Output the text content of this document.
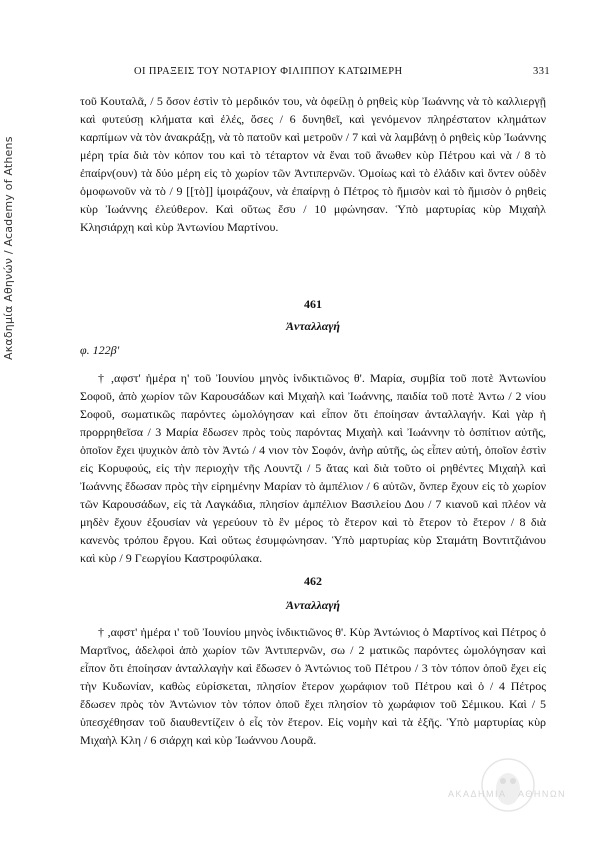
Ακαδημία Αθηνών / Academy of Athens
ΟΙ ΠΡΑΞΕΙΣ ΤΟΥ ΝΟΤΑΡΙΟΥ ΦΙΛΙΠΠΟΥ ΚΑΤΩΙΜΕΡΗ	331

τοῦ Κουταλᾶ, / 5 ὅσον ἐστὶν τὸ μερδικόν του, νὰ ὀφείλῃ ὁ ρηθεὶς κὺρ Ἰωάννης νὰ τὸ καλλιεργῇ καὶ φυτεύσῃ κλήματα καὶ ἐλές, ὅσες / 6 δυνηθεῖ, καὶ γενόμενον πληρέστατον κλημάτων καρπίμων νὰ τὸν ἀνακράξῃ, νὰ τὸ πατοῦν καὶ μετροῦν / 7 καὶ νὰ λαμβάνῃ ὁ ρηθεὶς κὺρ Ἰωάννης μέρη τρία διὰ τὸν κόπον του καὶ τὸ τέταρτον νὰ ἔναι τοῦ ἄνωθεν κὺρ Πέτρου καὶ νὰ / 8 τὸ ἐπαίρν(ουν) τὰ δύο μέρη εἰς τὸ χωρίον τῶν Ἀντιπερνῶν. Ὁμοίως καὶ τὸ ἐλάδιν καὶ ὄντεν οὐδὲν ὁμοφωνοῦν νὰ τὸ / 9 [[τὸ]] ἰμοιράζουν, νὰ ἐπαίρνῃ ὁ Πέτρος τὸ ἥμισὸν καὶ τὸ ἥμισὸν ὁ ρηθεὶς κὺρ Ἰωάννης ἐλεύθερον. Καὶ οὕτως ἔσυ / 10 μφώνησαν. Ὑπὸ μαρτυρίας κὺρ Μιχαὴλ Κλησιάρχη καὶ κὺρ Ἀντωνίου Μαρτίνου.

461
Ἀνταλλαγή
φ. 122β'

† ,αφστ' ἡμέρα η' τοῦ Ἰουνίου μηνὸς ἰνδικτιῶνος θ'. Μαρία, συμβία τοῦ ποτὲ Ἀντωνίου Σοφοῦ, ἀπὸ χωρίον τῶν Καρουσάδων καὶ Μιχαὴλ καὶ Ἰωάννης, παιδία τοῦ ποτὲ Ἀντω / 2 νίου Σοφοῦ, σωματικῶς παρόντες ὡμολόγησαν καὶ εἶπον ὅτι ἐποίησαν ἀνταλλαγήν. Καὶ γὰρ ἡ προρρηθεῖσα / 3 Μαρία ἔδωσεν πρὸς τοὺς παρόντας Μιχαὴλ καὶ Ἰωάννην τὸ ὀσπίτιον αὐτῆς, ὁποῖον ἔχει ψυχικὸν ἀπὸ τὸν Ἀντώ / 4 νιον τὸν Σοφόν, ἀνὴρ αὐτῆς, ὡς εἶπεν αὐτή, ὁποῖον ἐστὶν εἰς Κορυφούς, εἰς τὴν περιοχὴν τῆς Λουντζι / 5 ἄτας καὶ διὰ τοῦτο οἱ ρηθέντες Μιχαὴλ καὶ Ἰωάννης ἔδωσαν πρὸς τὴν εἰρημένην Μαρίαν τὸ ἀμπέλιον / 6 αὐτῶν, ὅνπερ ἔχουν εἰς τὸ χωρίον τῶν Καρουσάδων, εἰς τὰ Λαγκάδια, πλησίον ἀμπέλιον Βασιλείου Δου / 7 κιανοῦ καὶ πλέον νὰ μηδὲν ἔχουν ἐξουσίαν νὰ γερεύουν τὸ ἓν μέρος τὸ ἕτερον καὶ τὸ ἕτερον τὸ ἕτερον / 8 διὰ κανενὸς τρόπου ἔργου. Καὶ οὕτως ἐσυμφώνησαν. Ὑπὸ μαρτυρίας κὺρ Σταμάτη Βοντιτζιάνου καὶ κὺρ / 9 Γεωργίου Καστροφύλακα.

462
Ἀνταλλαγή

† ,αφστ' ἡμέρα ι' τοῦ Ἰουνίου μηνὸς ἰνδικτιῶνος θ'. Κὺρ Ἀντώνιος ὁ Μαρτίνος καὶ Πέτρος ὁ Μαρτῖνος, ἀδελφοὶ ἀπὸ χωρίον τῶν Ἀντιπερνῶν, σω / 2 ματικῶς παρόντες ὡμολόγησαν καὶ εἶπον ὅτι ἐποίησαν ἀνταλλαγὴν καὶ ἔδωσεν ὁ Ἀντώνιος τοῦ Πέτρου / 3 τὸν τόπον ὁποῦ ἔχει εἰς τὴν Κυδωνίαν, καθὼς εὑρίσκεται, πλησίον ἕτερον χωράφιον τοῦ Πέτρου καὶ ὁ / 4 Πέτρος ἔδωσεν πρὸς τὸν Ἀντώνιον τὸν τόπον ὁποῦ ἔχει πλησίον τὸ χωράφιον τοῦ Σέμικου. Καὶ / 5 ὑπεσχέθησαν τοῦ διαυθεντίζειν ὁ εἷς τὸν ἕτερον. Εἰς νομὴν καὶ τὰ ἑξῆς. Ὑπὸ μαρτυρίας κὺρ Μιχαὴλ Κλη / 6 σιάρχη καὶ κὺρ Ἰωάννου Λουρᾶ.

ΑΚΑΔΗΜΙΑ ΑΘΗΝΩΝ
